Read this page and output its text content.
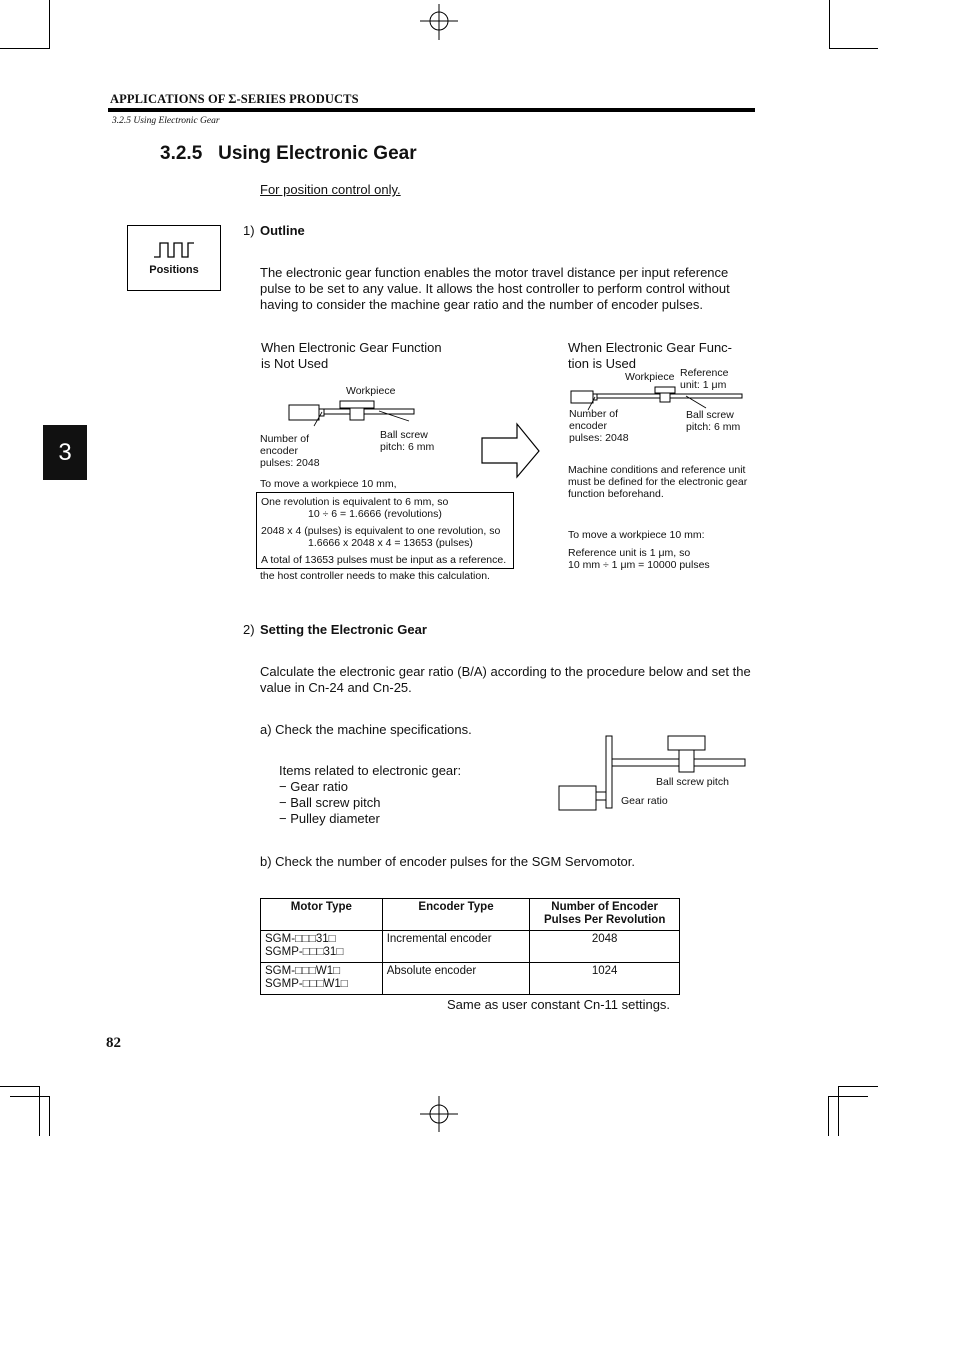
APPLICATIONS OF Σ-SERIES PRODUCTS
3.2.5 Using Electronic Gear
3
3.2.5 Using Electronic Gear
For position control only.
Positions
1) Outline
The electronic gear function enables the motor travel distance per input reference pulse to be set to any value. It allows the host controller to perform control without having to consider the machine gear ratio and the number of encoder pulses.
When Electronic Gear Function
is Not Used
Workpiece
Number of
encoder
pulses: 2048
Ball screw
pitch: 6 mm
To move a workpiece 10 mm,
One revolution is equivalent to 6 mm, so
10 ÷ 6 = 1.6666 (revolutions)
2048 x 4 (pulses) is equivalent to one revolution, so
1.6666 x 2048 x 4 = 13653 (pulses)
A total of 13653 pulses must be input as a reference.
the host controller needs to make this calculation.
When Electronic Gear Func-
tion is Used
Workpiece Reference
unit: 1 μm
Number of
encoder
pulses: 2048
Ball screw
pitch: 6 mm
Machine conditions and reference unit
must be defined for the electronic gear
function beforehand.
To move a workpiece 10 mm:
Reference unit is 1 μm, so
10 mm ÷ 1 μm = 10000 pulses
2) Setting the Electronic Gear
Calculate the electronic gear ratio (B/A) according to the procedure below and set the value in Cn-24 and Cn-25.
a) Check the machine specifications.
Items related to electronic gear:
− Gear ratio
− Ball screw pitch
− Pulley diameter
Ball screw pitch
Gear ratio
b) Check the number of encoder pulses for the SGM Servomotor.
Motor Type	Encoder Type	Number of Encoder
Pulses Per Revolution

SGM-□□□31□
SGMP-□□□31□	Incremental encoder	2048

SGM-□□□W1□
SGMP-□□□W1□	Absolute encoder	1024
Same as user constant Cn-11 settings.
82
